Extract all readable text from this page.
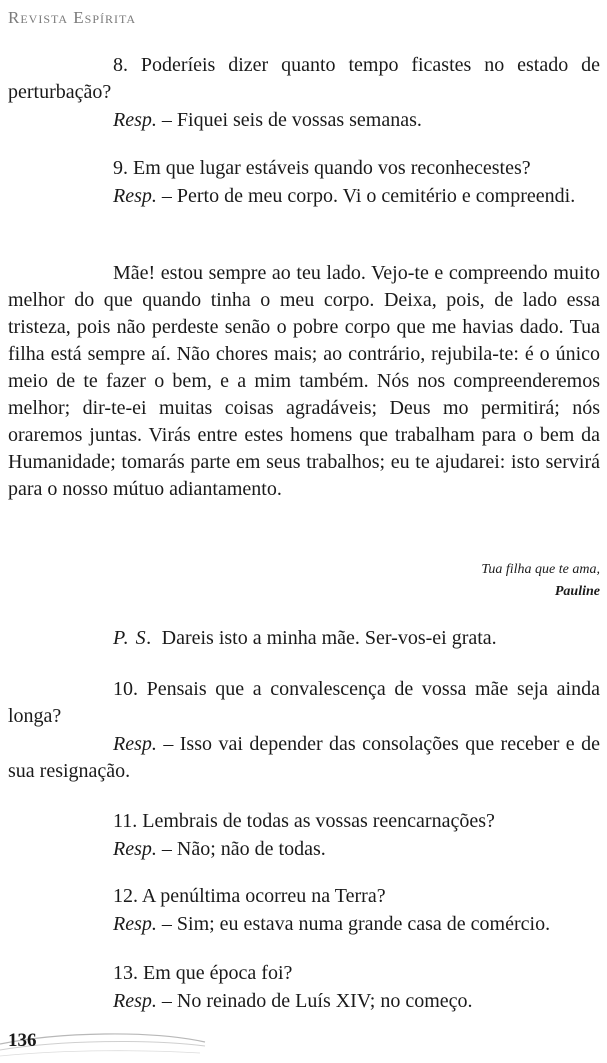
Revista Espírita

8. Poderíeis dizer quanto tempo ficastes no estado de perturbação?

Resp. – Fiquei seis de vossas semanas.

9. Em que lugar estáveis quando vos reconhecestes?

Resp. – Perto de meu corpo. Vi o cemitério e compreendi.

Mãe! estou sempre ao teu lado. Vejo-te e compreendo muito melhor do que quando tinha o meu corpo. Deixa, pois, de lado essa tristeza, pois não perdeste senão o pobre corpo que me havias dado. Tua filha está sempre aí. Não chores mais; ao contrário, rejubila-te: é o único meio de te fazer o bem, e a mim também. Nós nos compreenderemos melhor; dir-te-ei muitas coisas agradáveis; Deus mo permitirá; nós oraremos juntas. Virás entre estes homens que trabalham para o bem da Humanidade; tomarás parte em seus trabalhos; eu te ajudarei: isto servirá para o nosso mútuo adiantamento.

Tua filha que te ama,
Pauline
P. S. Dareis isto a minha mãe. Ser-vos-ei grata.

10. Pensais que a convalescença de vossa mãe seja ainda longa?

Resp. – Isso vai depender das consolações que receber e de sua resignação.

11. Lembrais de todas as vossas reencarnações?

Resp. – Não; não de todas.

12. A penúltima ocorreu na Terra?

Resp. – Sim; eu estava numa grande casa de comércio.

13. Em que época foi?

Resp. – No reinado de Luís XIV; no começo.

136
